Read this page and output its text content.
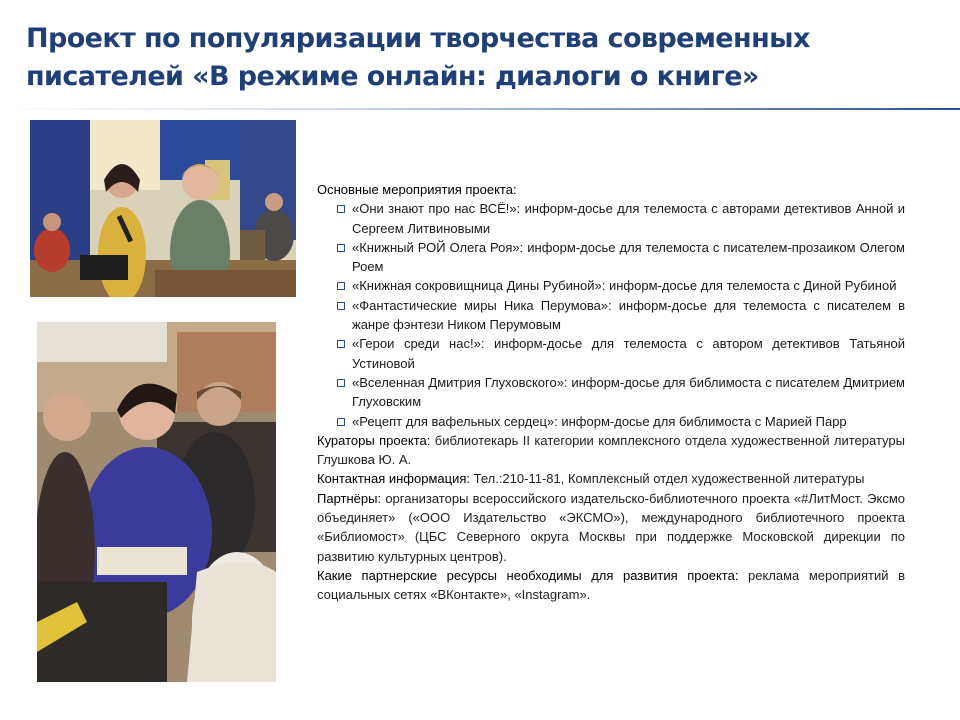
Проект по популяризации творчества современных писателей «В режиме онлайн: диалоги о книге»
Основные мероприятия проекта:
«Они знают про нас ВСЁ!»: информ-досье для телемоста с авторами детективов Анной и Сергеем Литвиновыми
«Книжный РОЙ Олега Роя»: информ-досье для телемоста с писателем-прозаиком Олегом Роем
«Книжная сокровищница Дины Рубиной»: информ-досье для телемоста с Диной Рубиной
«Фантастические миры Ника Перумова»: информ-досье для телемоста с писателем в жанре фэнтези Ником Перумовым
«Герои среди нас!»: информ-досье для телемоста с автором детективов Татьяной Устиновой
«Вселенная Дмитрия Глуховского»: информ-досье для библимоста с писателем Дмитрием Глуховским
«Рецепт для вафельных сердец»: информ-досье для библимоста с Марией Парр
Кураторы проекта: библиотекарь II категории комплексного отдела художественной литературы Глушкова Ю. А.
Контактная информация: Тел.:210-11-81, Комплексный отдел художественной литературы
Партнёры: организаторы всероссийского издательско-библиотечного проекта «#ЛитМост. Эксмо объединяет» («ООО Издательство «ЭКСМО»), международного библиотечного проекта «Библиомост» (ЦБС Северного округа Москвы при поддержке Московской дирекции по развитию культурных центров).
Какие партнерские ресурсы необходимы для развития проекта: реклама мероприятий в социальных сетях «ВКонтакте», «Instagram».
